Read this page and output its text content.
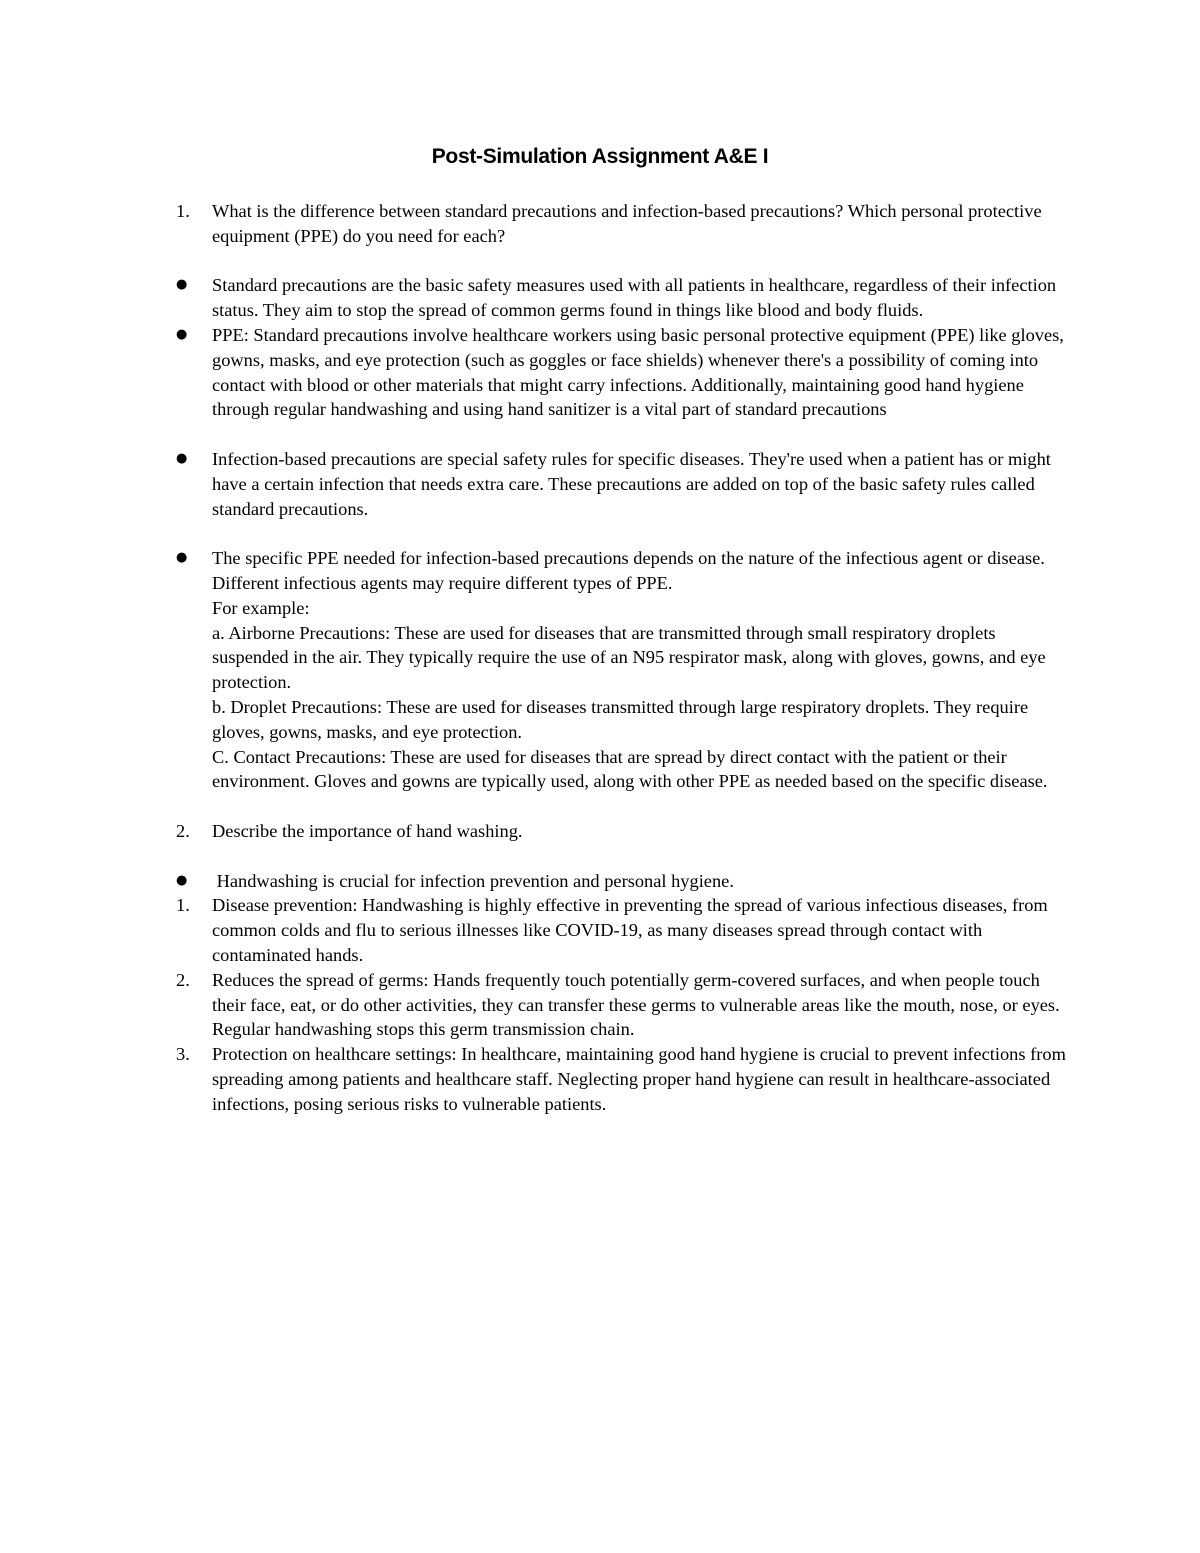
Post-Simulation Assignment A&E I
1. What is the difference between standard precautions and infection-based precautions? Which personal protective equipment (PPE) do you need for each?
● Standard precautions are the basic safety measures used with all patients in healthcare, regardless of their infection status. They aim to stop the spread of common germs found in things like blood and body fluids.
● PPE: Standard precautions involve healthcare workers using basic personal protective equipment (PPE) like gloves, gowns, masks, and eye protection (such as goggles or face shields) whenever there's a possibility of coming into contact with blood or other materials that might carry infections. Additionally, maintaining good hand hygiene through regular handwashing and using hand sanitizer is a vital part of standard precautions
● Infection-based precautions are special safety rules for specific diseases. They're used when a patient has or might have a certain infection that needs extra care. These precautions are added on top of the basic safety rules called standard precautions.
● The specific PPE needed for infection-based precautions depends on the nature of the infectious agent or disease. Different infectious agents may require different types of PPE.
For example:
a. Airborne Precautions: These are used for diseases that are transmitted through small respiratory droplets suspended in the air. They typically require the use of an N95 respirator mask, along with gloves, gowns, and eye protection.
b. Droplet Precautions: These are used for diseases transmitted through large respiratory droplets. They require gloves, gowns, masks, and eye protection.
C. Contact Precautions: These are used for diseases that are spread by direct contact with the patient or their environment. Gloves and gowns are typically used, along with other PPE as needed based on the specific disease.
2. Describe the importance of hand washing.
● Handwashing is crucial for infection prevention and personal hygiene.
1. Disease prevention: Handwashing is highly effective in preventing the spread of various infectious diseases, from common colds and flu to serious illnesses like COVID-19, as many diseases spread through contact with contaminated hands.
2. Reduces the spread of germs: Hands frequently touch potentially germ-covered surfaces, and when people touch their face, eat, or do other activities, they can transfer these germs to vulnerable areas like the mouth, nose, or eyes. Regular handwashing stops this germ transmission chain.
3. Protection on healthcare settings: In healthcare, maintaining good hand hygiene is crucial to prevent infections from spreading among patients and healthcare staff. Neglecting proper hand hygiene can result in healthcare-associated infections, posing serious risks to vulnerable patients.
